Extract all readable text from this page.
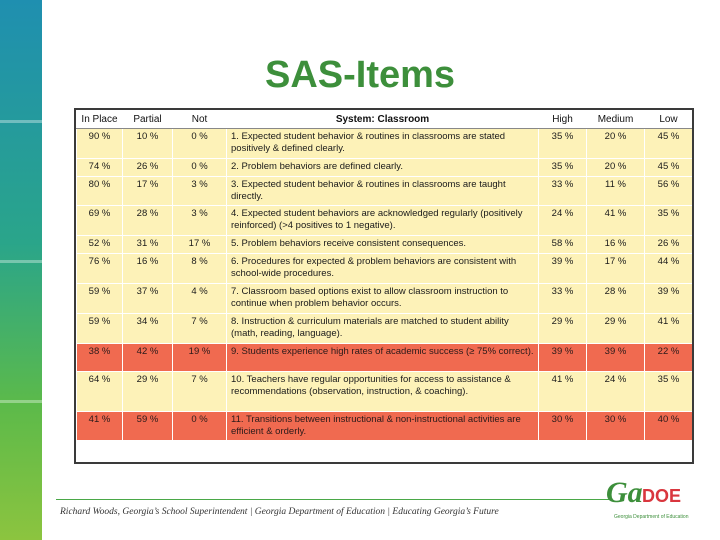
SAS-Items
In Place	Partial	Not	System: Classroom	High	Medium	Low
90 %	10 %	0 %	1. Expected student behavior & routines in classrooms are stated positively & defined clearly.	35 %	20 %	45 %
74 %	26 %	0 %	2. Problem behaviors are defined clearly.	35 %	20 %	45 %
80 %	17 %	3 %	3. Expected student behavior & routines in classrooms are taught directly.	33 %	11 %	56 %
69 %	28 %	3 %	4. Expected student behaviors are acknowledged regularly (positively reinforced) (>4 positives to 1 negative).	24 %	41 %	35 %
52 %	31 %	17 %	5. Problem behaviors receive consistent consequences.	58 %	16 %	26 %
76 %	16 %	8 %	6. Procedures for expected & problem behaviors are consistent with school-wide procedures.	39 %	17 %	44 %
59 %	37 %	4 %	7. Classroom based options exist to allow classroom instruction to continue when problem behavior occurs.	33 %	28 %	39 %
59 %	34 %	7 %	8. Instruction & curriculum materials are matched to student ability (math, reading, language).	29 %	29 %	41 %
38 %	42 %	19 %	9. Students experience high rates of academic success (≥ 75% correct).	39 %	39 %	22 %
64 %	29 %	7 %	10. Teachers have regular opportunities for access to assistance & recommendations (observation, instruction, & coaching).	41 %	24 %	35 %
41 %	59 %	0 %	11. Transitions between instructional & non-instructional activities are efficient & orderly.	30 %	30 %	40 %
Richard Woods, Georgia’s School Superintendent | Georgia Department of Education | Educating Georgia’s Future
Ga DOE
Georgia Department of Education
